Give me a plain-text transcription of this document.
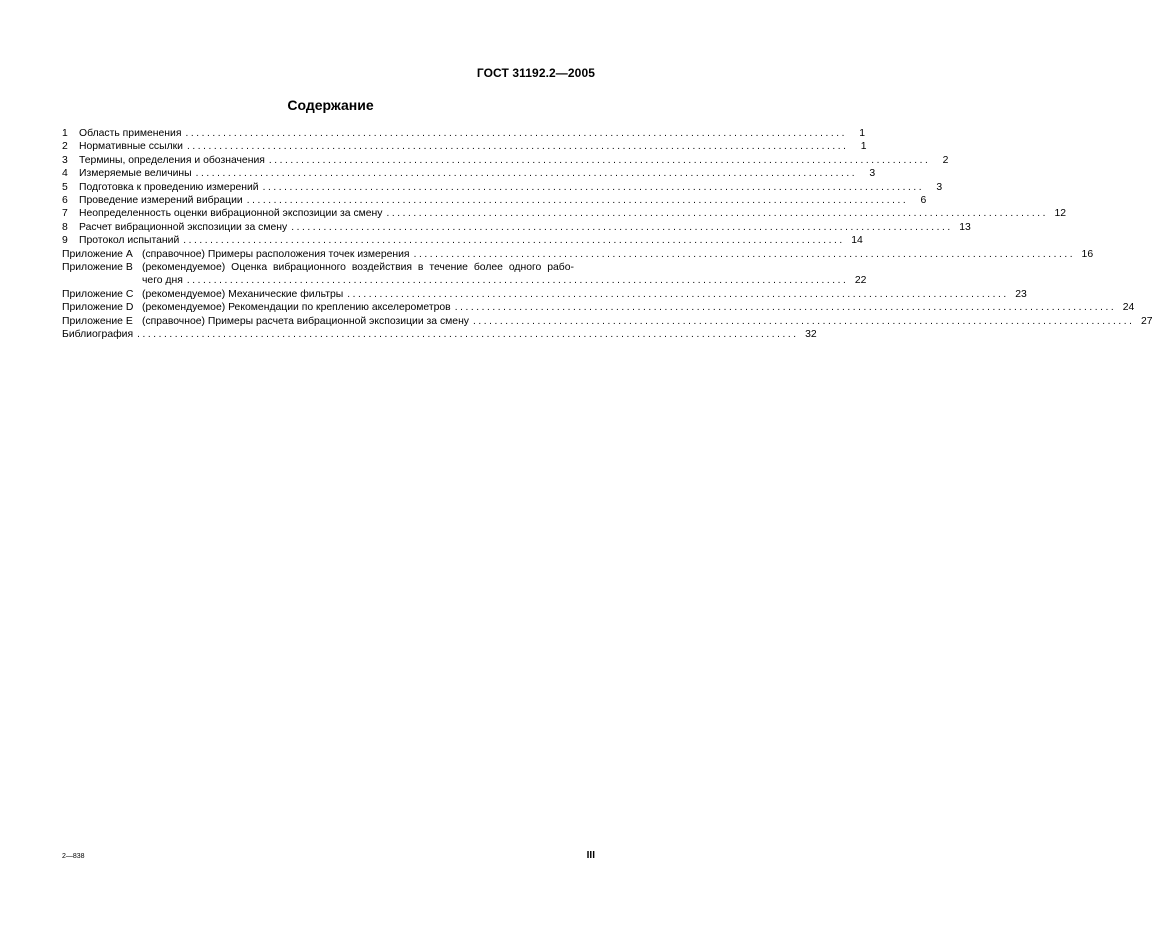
ГОСТ 31192.2—2005
Содержание
1	Область применения ...........................................................................................................................	1
2	Нормативные ссылки ...........................................................................................................................	1
3	Термины, определения и обозначения ...........................................................................................................................	2
4	Измеряемые величины ...........................................................................................................................	3
5	Подготовка к проведению измерений ...........................................................................................................................	3
6	Проведение измерений вибрации ...........................................................................................................................	6
7	Неопределенность оценки вибрационной экспозиции за смену ........................................................................................................................... 12
8	Расчет вибрационной экспозиции за смену ........................................................................................................................... 13
9	Протокол испытаний ........................................................................................................................... 14
Приложение А (справочное) Примеры расположения точек измерения ........................................................................................................................... 16
Приложение В (рекомендуемое) Оценка вибрационного воздействия в течение более одного рабо-
чего дня ........................................................................................................................... 22
Приложение С (рекомендуемое) Механические фильтры ........................................................................................................................... 23
Приложение D (рекомендуемое) Рекомендации по креплению акселерометров ........................................................................................................................... 24
Приложение Е (справочное) Примеры расчета вибрационной экспозиции за смену ........................................................................................................................... 27
Библиография ........................................................................................................................... 32
2—838	III
